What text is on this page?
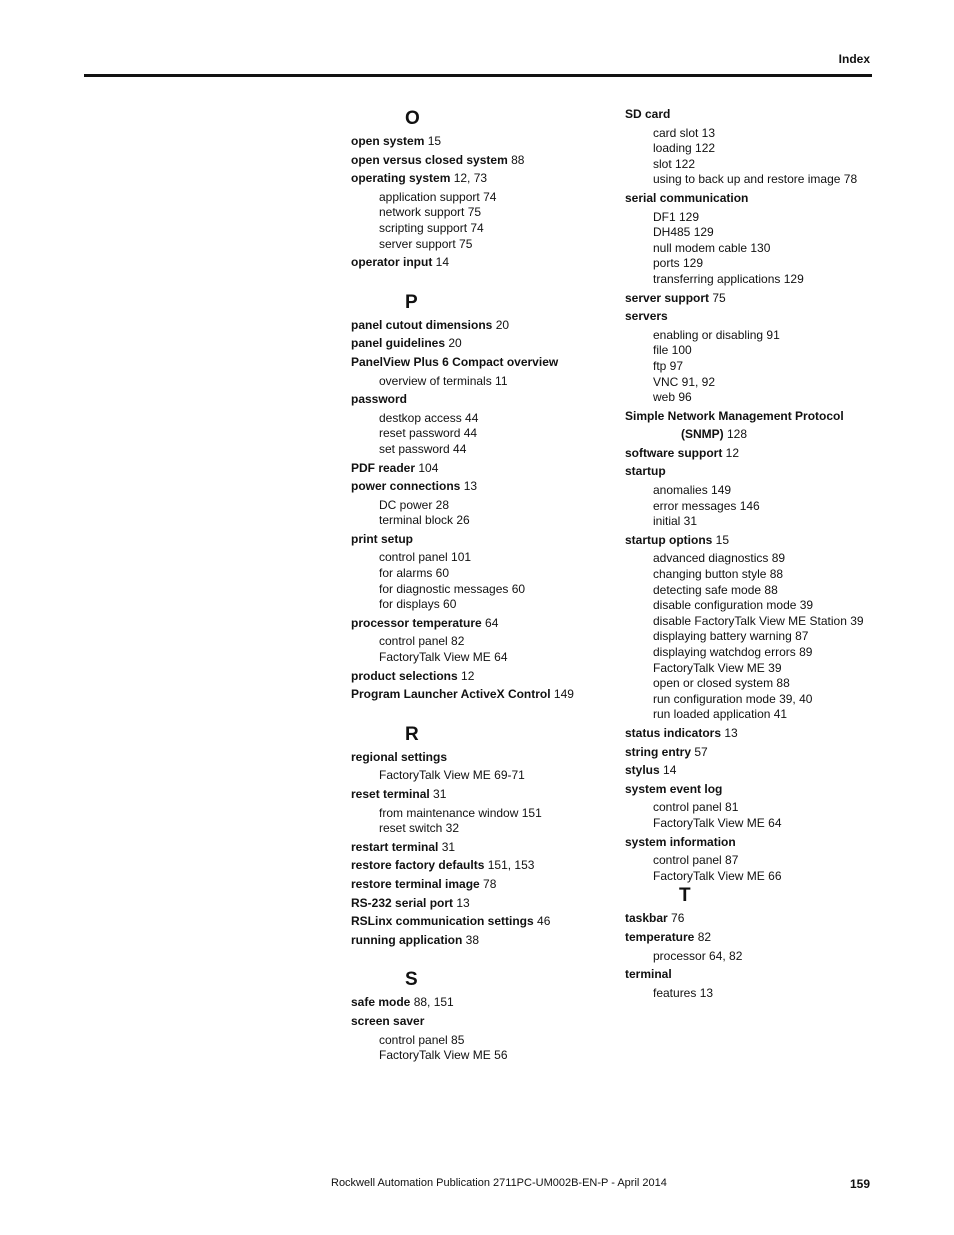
Index
O
open system 15
open versus closed system 88
operating system 12, 73
application support 74
network support 75
scripting support 74
server support 75
operator input 14
P
panel cutout dimensions 20
panel guidelines 20
PanelView Plus 6 Compact overview
overview of terminals 11
password
destkop access 44
reset password 44
set password 44
PDF reader 104
power connections 13
DC power 28
terminal block 26
print setup
control panel 101
for alarms 60
for diagnostic messages 60
for displays 60
processor temperature 64
control panel 82
FactoryTalk View ME 64
product selections 12
Program Launcher ActiveX Control 149
R
regional settings
FactoryTalk View ME 69-71
reset terminal 31
from maintenance window 151
reset switch 32
restart terminal 31
restore factory defaults 151, 153
restore terminal image 78
RS-232 serial port 13
RSLinx communication settings 46
running application 38
S
safe mode 88, 151
screen saver
control panel 85
FactoryTalk View ME 56
SD card
card slot 13
loading 122
slot 122
using to back up and restore image 78
serial communication
DF1 129
DH485 129
null modem cable 130
ports 129
transferring applications 129
server support 75
servers
enabling or disabling 91
file 100
ftp 97
VNC 91, 92
web 96
Simple Network Management Protocol
(SNMP) 128
software support 12
startup
anomalies 149
error messages 146
initial 31
startup options 15
advanced diagnostics 89
changing button style 88
detecting safe mode 88
disable configuration mode 39
disable FactoryTalk View ME Station 39
displaying battery warning 87
displaying watchdog errors 89
FactoryTalk View ME 39
open or closed system 88
run configuration mode 39, 40
run loaded application 41
status indicators 13
string entry 57
stylus 14
system event log
control panel 81
FactoryTalk View ME 64
system information
control panel 87
FactoryTalk View ME 66
T
taskbar 76
temperature 82
processor 64, 82
terminal
features 13
Rockwell Automation Publication 2711PC-UM002B-EN-P - April 2014	159
